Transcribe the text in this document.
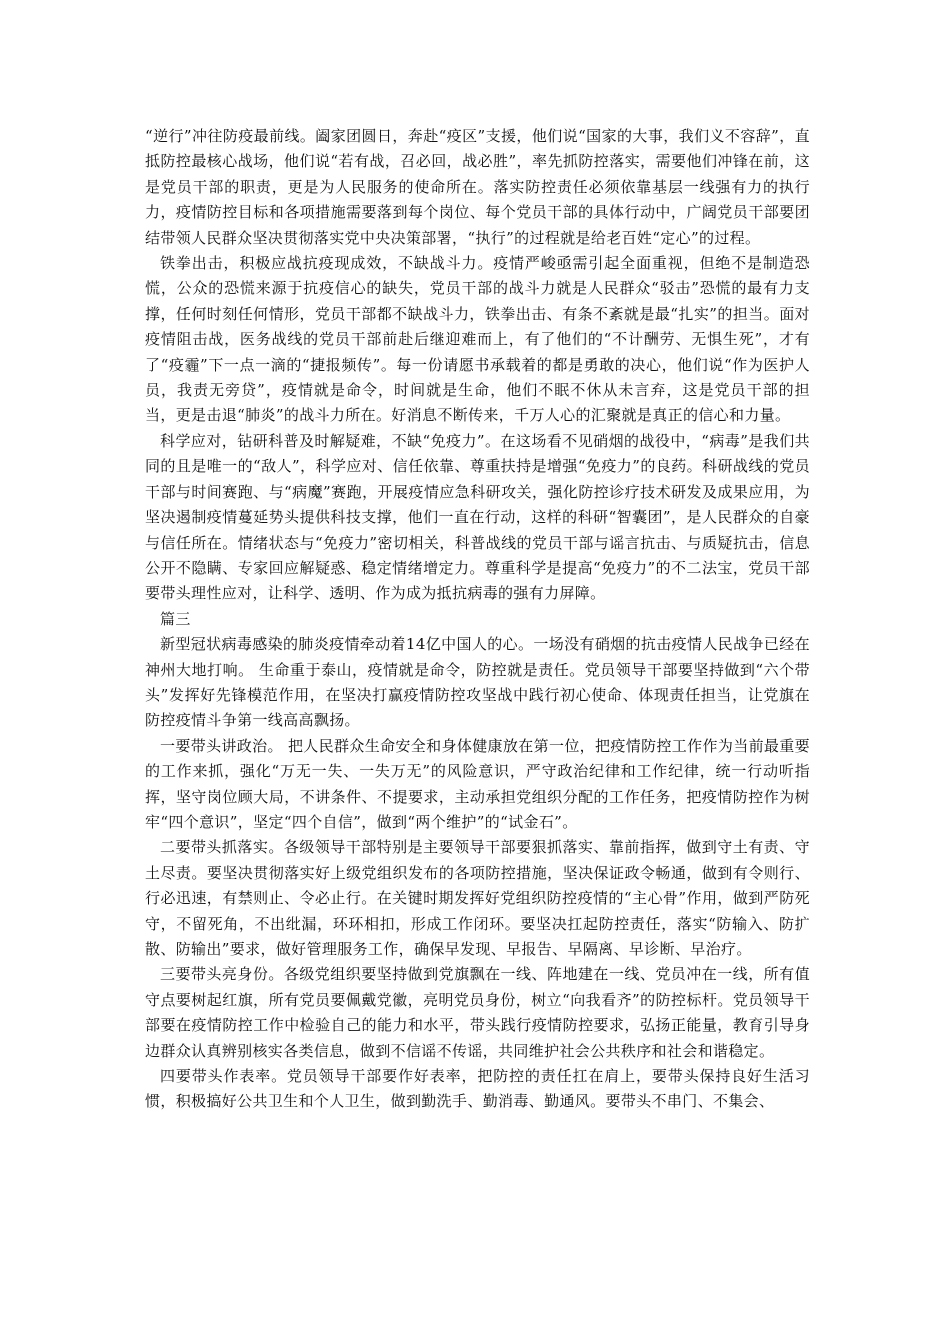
“逆行”冲往防疫最前线。阖家团圆日，奔赴“疫区”支援，他们说“国家的大事，我们义不容辞”，直抵防控最核心战场，他们说“若有战，召必回，战必胜”，率先抓防控落实，需要他们冲锋在前，这是党员干部的职责，更是为人民服务的使命所在。落实防控责任必须依靠基层一线强有力的执行力，疫情防控目标和各项措施需要落到每个岗位、每个党员干部的具体行动中，广阔党员干部要团结带领人民群众坚决贯彻落实党中央决策部署，“执行”的过程就是给老百姓“定心”的过程。

铁拳出击，积极应战抗疫现成效，不缺战斗力。疫情严峻亟需引起全面重视，但绝不是制造恐慌，公众的恐慌来源于抗疫信心的缺失，党员干部的战斗力就是人民群众“驳击”恐慌的最有力支撑，任何时刻任何情形，党员干部都不缺战斗力，铁拳出击、有条不紊就是最“扎实”的担当。面对疫情阻击战，医务战线的党员干部前赴后继迎难而上，有了他们的“不计酬劳、无惧生死”，才有了“疫霾”下一点一滴的“捷报频传”。每一份请愿书承载着的都是勇敢的决心，他们说“作为医护人员，我责无旁贷”，疫情就是命令，时间就是生命，他们不眠不休从未言弃，这是党员干部的担当，更是击退“肺炎”的战斗力所在。好消息不断传来，千万人心的汇聚就是真正的信心和力量。

科学应对，钻研科普及时解疑难，不缺“免疫力”。在这场看不见硝烟的战役中，“病毒”是我们共同的且是唯一的“敌人”，科学应对、信任依靠、尊重扶持是增强“免疫力”的良药。科研战线的党员干部与时间赛跑、与“病魔”赛跑，开展疫情应急科研攻关，强化防控诊疗技术研发及成果应用，为坚决遏制疫情蔓延势头提供科技支撑，他们一直在行动，这样的科研“智囊团”，是人民群众的自豪与信任所在。情绪状态与“免疫力”密切相关，科普战线的党员干部与谣言抗击、与质疑抗击，信息公开不隐瞒、专家回应解疑惑、稳定情绪增定力。尊重科学是提高“免疫力”的不二法宝，党员干部要带头理性应对，让科学、透明、作为成为抵抗病毒的强有力屏障。

篇三

新型冠状病毒感染的肺炎疫情牵动着14亿中国人的心。一场没有硝烟的抗击疫情人民战争已经在神州大地打响。 生命重于泰山，疫情就是命令，防控就是责任。党员领导干部要坚持做到“六个带头”发挥好先锋模范作用，在坚决打赢疫情防控攻坚战中践行初心使命、体现责任担当，让党旗在防控疫情斗争第一线高高飘扬。

一要带头讲政治。 把人民群众生命安全和身体健康放在第一位，把疫情防控工作作为当前最重要的工作来抓，强化“万无一失、一失万无”的风险意识，严守政治纪律和工作纪律，统一行动听指挥，坚守岗位顾大局，不讲条件、不提要求，主动承担党组织分配的工作任务，把疫情防控作为树牢“四个意识”，坚定“四个自信”，做到“两个维护”的“试金石”。

二要带头抓落实。各级领导干部特别是主要领导干部要狠抓落实、靠前指挥，做到守土有责、守土尽责。要坚决贯彻落实好上级党组织发布的各项防控措施，坚决保证政令畅通，做到有令则行、行必迅速，有禁则止、令必止行。在关键时期发挥好党组织防控疫情的“主心骨”作用，做到严防死守，不留死角，不出纰漏，环环相扣，形成工作闭环。要坚决扛起防控责任，落实“防输入、防扩散、防输出”要求，做好管理服务工作，确保早发现、早报告、早隔离、早诊断、早治疗。

三要带头亮身份。各级党组织要坚持做到党旗飘在一线、阵地建在一线、党员冲在一线，所有值守点要树起红旗，所有党员要佩戴党徽，亮明党员身份，树立“向我看齐”的防控标杆。党员领导干部要在疫情防控工作中检验自己的能力和水平，带头践行疫情防控要求，弘扬正能量，教育引导身边群众认真辨别核实各类信息，做到不信谣不传谣，共同维护社会公共秩序和社会和谐稳定。

四要带头作表率。党员领导干部要作好表率，把防控的责任扛在肩上，要带头保持良好生活习惯，积极搞好公共卫生和个人卫生，做到勤洗手、勤消毒、勤通风。要带头不串门、不集会、
